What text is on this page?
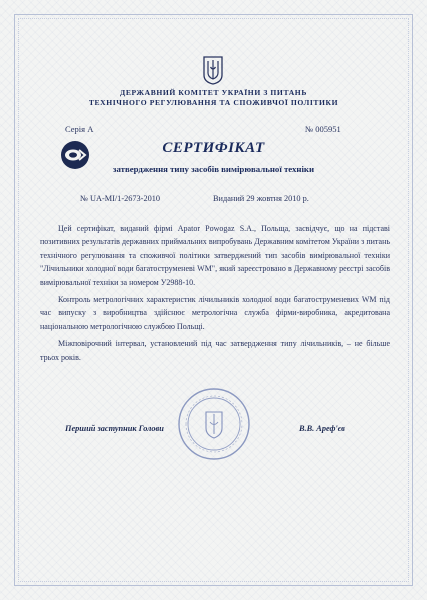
ДЕРЖАВНИЙ КОМІТЕТ УКРАЇНИ З ПИТАНЬ
ТЕХНІЧНОГО РЕГУЛЮВАННЯ ТА СПОЖИВЧОЇ ПОЛІТИКИ
Серія А	№ 005951
СЕРТИФІКАТ
затвердження типу засобів вимірювальної техніки
№ UA-MI/1-2673-2010	Виданий 29 жовтня 2010 р.

Цей сертифікат, виданий фірмі Apator Powogaz S.A., Польща, засвідчує, що на підставі позитивних результатів державних приймальних випробувань Державним комітетом України з питань технічного регулювання та споживчої політики затверджений тип засобів вимірювальної техніки "Лічильники холодної води багатоструменеві WM", який зареєстровано в Державному реєстрі засобів вимірювальної техніки за номером У2988-10.

Контроль метрологічних характеристик лічильників холодної води багатоструменевих WM під час випуску з виробництва здійснює метрологічна служба фірми-виробника, акредитована національною метрологічною службою Польщі.

Міжповірочний інтервал, установлений під час затвердження типу лічильників, – не більше трьох років.

Перший заступник Голови	В.В. Ареф'єв
